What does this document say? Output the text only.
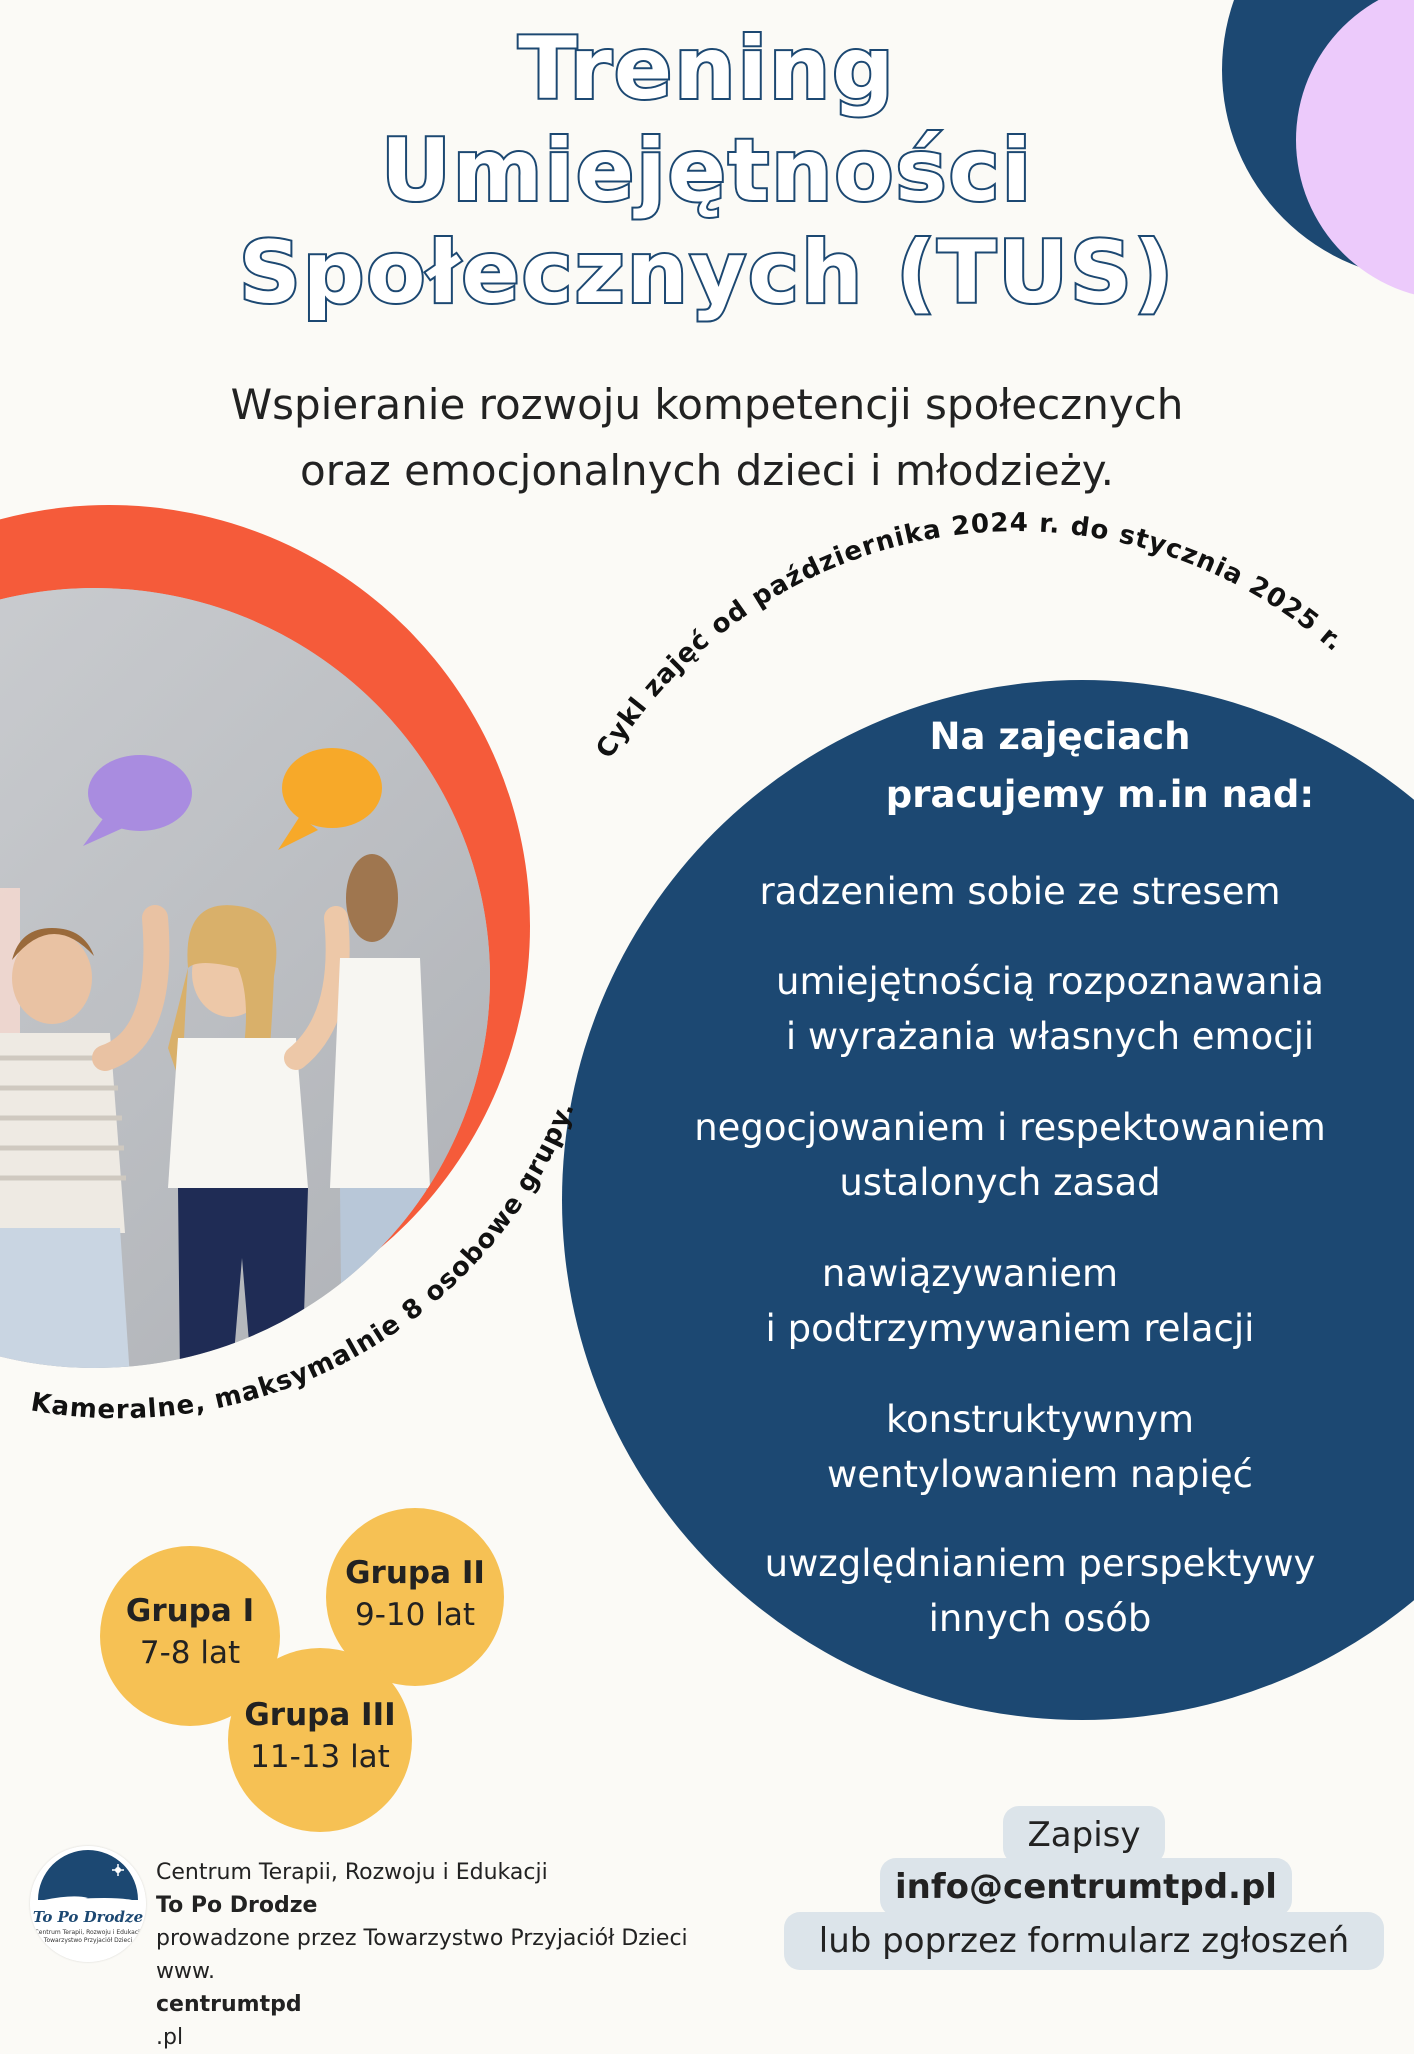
Trening
Umiejętności
Społecznych (TUS)
Wspieranie rozwoju kompetencji społecznych
oraz emocjonalnych dzieci i młodzieży.
Cykl zajęć od października 2024 r. do stycznia 2025 r.
Kameralne, maksymalnie 8 osobowe grupy.
Na zajęciach
pracujemy m.in nad:
radzeniem sobie ze stresem
umiejętnością rozpoznawania
i wyrażania własnych emocji
negocjowaniem i respektowaniem
ustalonych zasad
nawiązywaniem
i podtrzymywaniem relacji
konstruktywnym
wentylowaniem napięć
uwzględnianiem perspektywy
innych osób
Grupa I
7-8 lat
Grupa II
9-10 lat
Grupa III
11-13 lat
To Po Drodze
Centrum Terapii, Rozwoju i Edukacji
Towarzystwo Przyjaciół Dzieci
Centrum Terapii, Rozwoju i Edukacji
To Po Drodze
prowadzone przez Towarzystwo Przyjaciół Dzieci
www.
centrumtpd
.pl
Zapisy
info@centrumtpd.pl
lub poprzez formularz zgłoszeń
